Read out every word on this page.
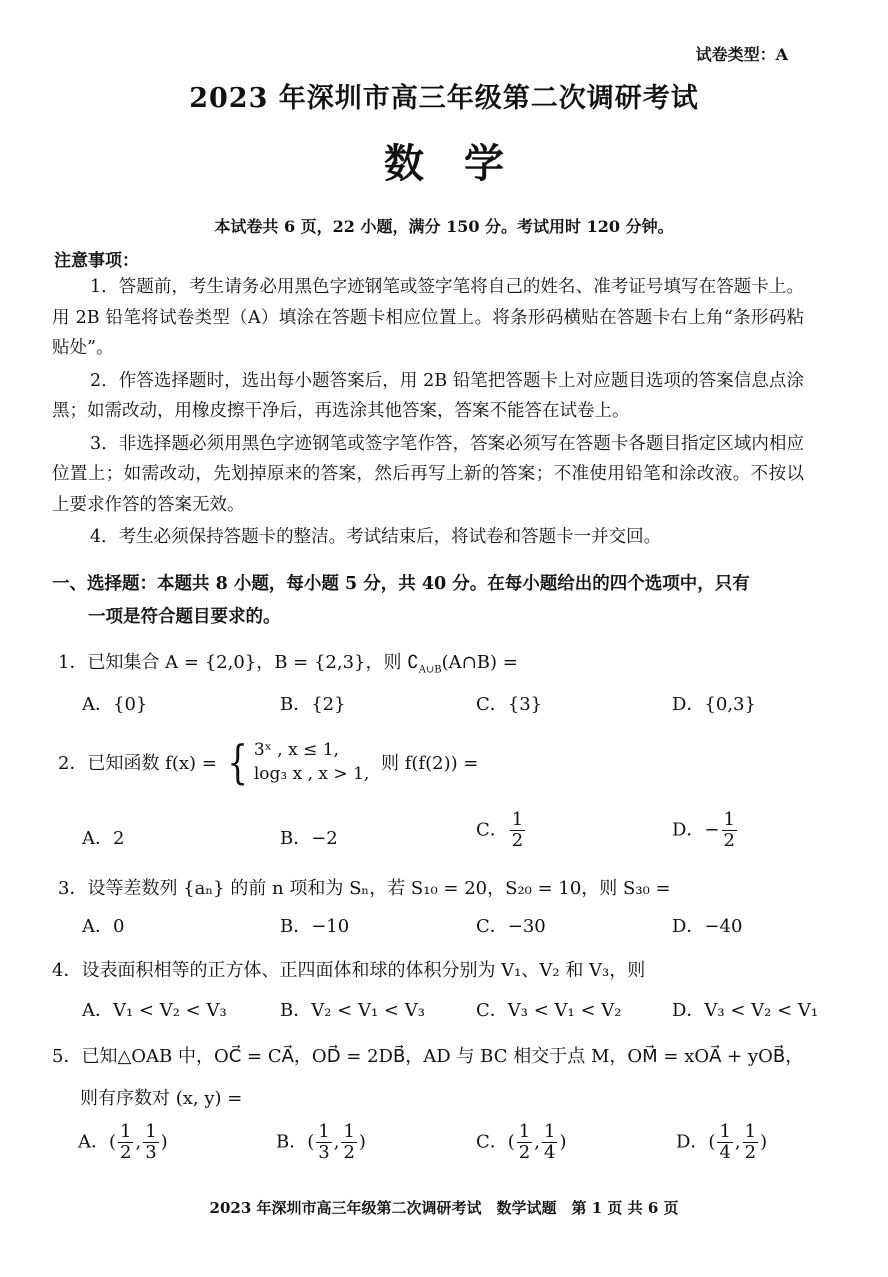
试卷类型：A
2023 年深圳市高三年级第二次调研考试
数学
本试卷共 6 页，22 小题，满分 150 分。考试用时 120 分钟。
注意事项：

1．答题前，考生请务必用黑色字迹钢笔或签字笔将自己的姓名、准考证号填写在答题卡上。用 2B 铅笔将试卷类型（A）填涂在答题卡相应位置上。将条形码横贴在答题卡右上角“条形码粘贴处”。

2．作答选择题时，选出每小题答案后，用 2B 铅笔把答题卡上对应题目选项的答案信息点涂黑；如需改动，用橡皮擦干净后，再选涂其他答案，答案不能答在试卷上。

3．非选择题必须用黑色字迹钢笔或签字笔作答，答案必须写在答题卡各题目指定区域内相应位置上；如需改动，先划掉原来的答案，然后再写上新的答案；不准使用铅笔和涂改液。不按以上要求作答的答案无效。

4．考生必须保持答题卡的整洁。考试结束后，将试卷和答题卡一并交回。

一、选择题：本题共 8 小题，每小题 5 分，共 40 分。在每小题给出的四个选项中，只有
一项是符合题目要求的。
1．已知集合 A = {2,0}，B = {2,3}，则 $∁_{A\cup B}(A\cap B)$ =
A．{0}	B．{2}	C．{3}	D．{0,3}
2．已知函数 f(x) = { 3ˣ , x ≤ 1,
log₃ x , x > 1, 则 f(f(2)) =
A．2	B．−2	C． $\frac{1}{2}$	D．− $\frac{1}{2}$
3．设等差数列 {aₙ} 的前 n 项和为 Sₙ，若 S₁₀ = 20，S₂₀ = 10，则 S₃₀ =
A．0	B．−10	C．−30	D．−40
4．设表面积相等的正方体、正四面体和球的体积分别为 V₁、V₂ 和 V₃，则
A．V₁ < V₂ < V₃	B．V₂ < V₁ < V₃	C．V₃ < V₁ < V₂	D．V₃ < V₂ < V₁
5．已知△OAB 中，OC⃗ = CA⃗，OD⃗ = 2DB⃗，AD 与 BC 相交于点 M，OM⃗ = xOA⃗ + yOB⃗，
则有序数对 (x, y) =
A．( $\frac{1}{2}$ , $\frac{1}{3}$ )	B．( $\frac{1}{3}$ , $\frac{1}{2}$ )	C．( $\frac{1}{2}$ , $\frac{1}{4}$ )	D．( $\frac{1}{4}$ , $\frac{1}{2}$ )
2023 年深圳市高三年级第二次调研考试　数学试题　第 1 页 共 6 页
